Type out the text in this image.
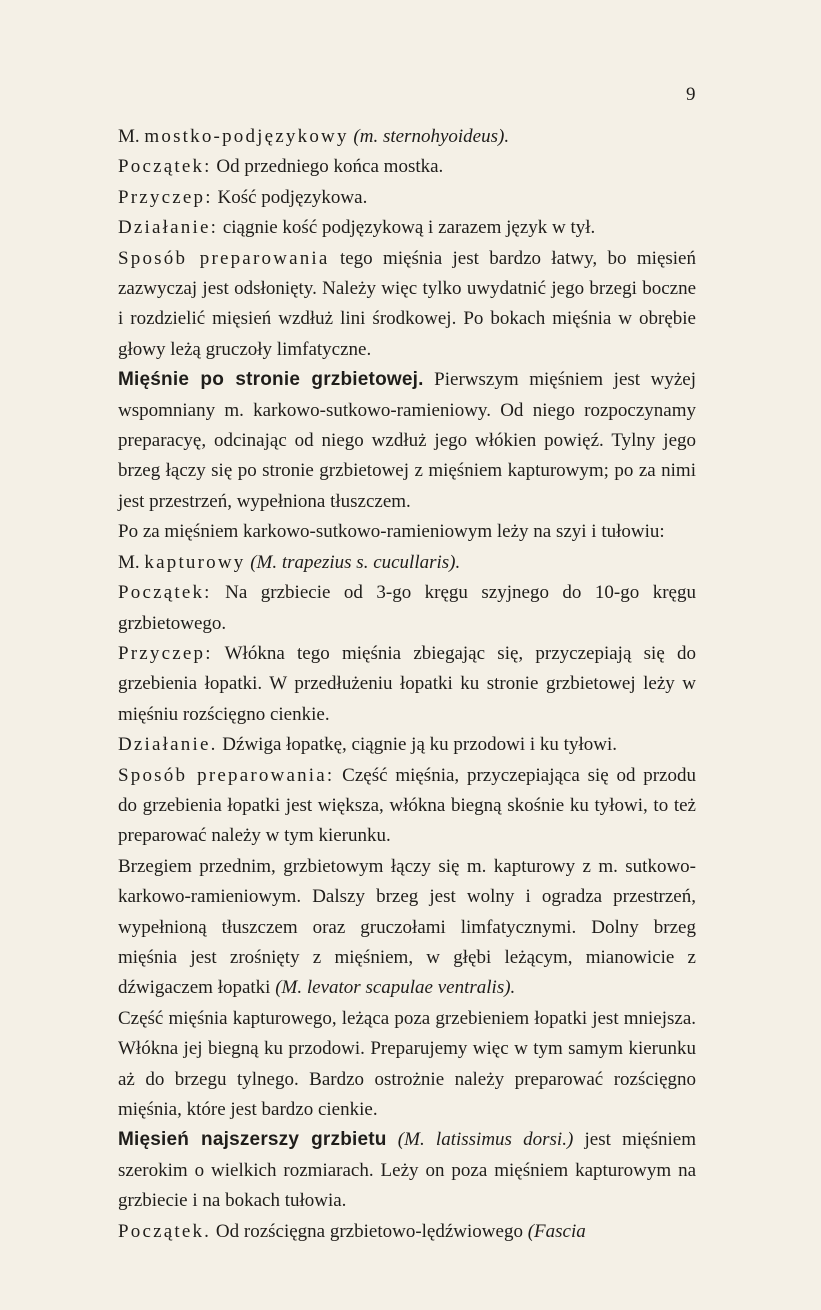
9

M. mostko-podjęzykowy (m. sternohyoideus).

Początek: Od przedniego końca mostka.

Przyczep: Kość podjęzykowa.

Działanie: ciągnie kość podjęzykową i zarazem język w tył.

Sposób preparowania tego mięśnia jest bardzo łatwy, bo mięsień zazwyczaj jest odsłonięty. Należy więc tylko uwydatnić jego brzegi boczne i rozdzielić mięsień wzdłuż lini środkowej. Po bokach mięśnia w obrębie głowy leżą gruczoły limfatyczne.

Mięśnie po stronie grzbietowej. Pierwszym mięśniem jest wyżej wspomniany m. karkowo-sutkowo-ramieniowy. Od niego rozpoczynamy preparacyę, odcinając od niego wzdłuż jego włókien powięź. Tylny jego brzeg łączy się po stronie grzbietowej z mięśniem kapturowym; po za nimi jest przestrzeń, wypełniona tłuszczem.

Po za mięśniem karkowo-sutkowo-ramieniowym leży na szyi i tułowiu:

M. kapturowy (M. trapezius s. cucullaris).

Początek: Na grzbiecie od 3-go kręgu szyjnego do 10-go kręgu grzbietowego.

Przyczep: Włókna tego mięśnia zbiegając się, przyczepiają się do grzebienia łopatki. W przedłużeniu łopatki ku stronie grzbietowej leży w mięśniu rozścięgno cienkie.

Działanie. Dźwiga łopatkę, ciągnie ją ku przodowi i ku tyłowi.

Sposób preparowania: Część mięśnia, przyczepiająca się od przodu do grzebienia łopatki jest większa, włókna biegną skośnie ku tyłowi, to też preparować należy w tym kierunku.

Brzegiem przednim, grzbietowym łączy się m. kapturowy z m. sutkowo-karkowo-ramieniowym. Dalszy brzeg jest wolny i ogradza przestrzeń, wypełnioną tłuszczem oraz gruczołami limfatycznymi. Dolny brzeg mięśnia jest zrośnięty z mięśniem, w głębi leżącym, mianowicie z dźwigaczem łopatki (M. levator scapulae ventralis).

Część mięśnia kapturowego, leżąca poza grzebieniem łopatki jest mniejsza. Włókna jej biegną ku przodowi. Preparujemy więc w tym samym kierunku aż do brzegu tylnego. Bardzo ostrożnie należy preparować rozścięgno mięśnia, które jest bardzo cienkie.

Mięsień najszerszy grzbietu (M. latissimus dorsi.) jest mięśniem szerokim o wielkich rozmiarach. Leży on poza mięśniem kapturowym na grzbiecie i na bokach tułowia.

Początek. Od rozścięgna grzbietowo-lędźwiowego (Fascia
